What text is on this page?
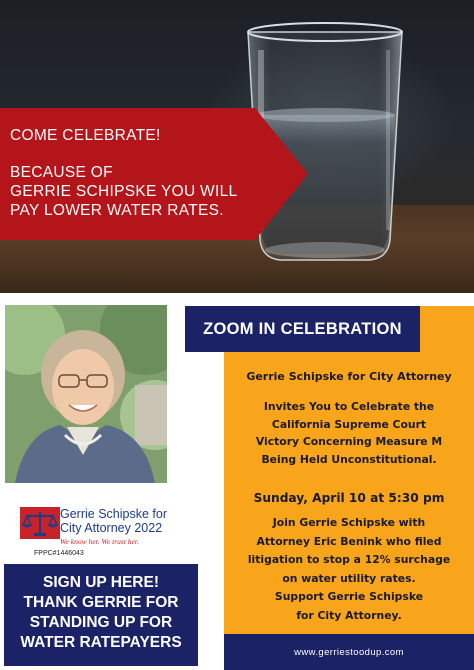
COME CELEBRATE!
BECAUSE OF
GERRIE SCHIPSKE YOU WILL
PAY LOWER WATER RATES.
Gerrie Schipske for
City Attorney 2022
We know her. We trust her.
FPPC#1446043
SIGN UP HERE!
THANK GERRIE FOR
STANDING UP FOR
WATER RATEPAYERS
ZOOM IN CELEBRATION
Gerrie Schipske for City Attorney
Invites You to Celebrate the
California Supreme Court
Victory Concerning Measure M
Being Held Unconstitutional.
Sunday, April 10 at 5:30 pm
Join Gerrie Schipske with
Attorney Eric Benink who filed
litigation to stop a 12% surchage
on water utility rates.
Support Gerrie Schipske
for City Attorney.
www.gerriestoodup.com
